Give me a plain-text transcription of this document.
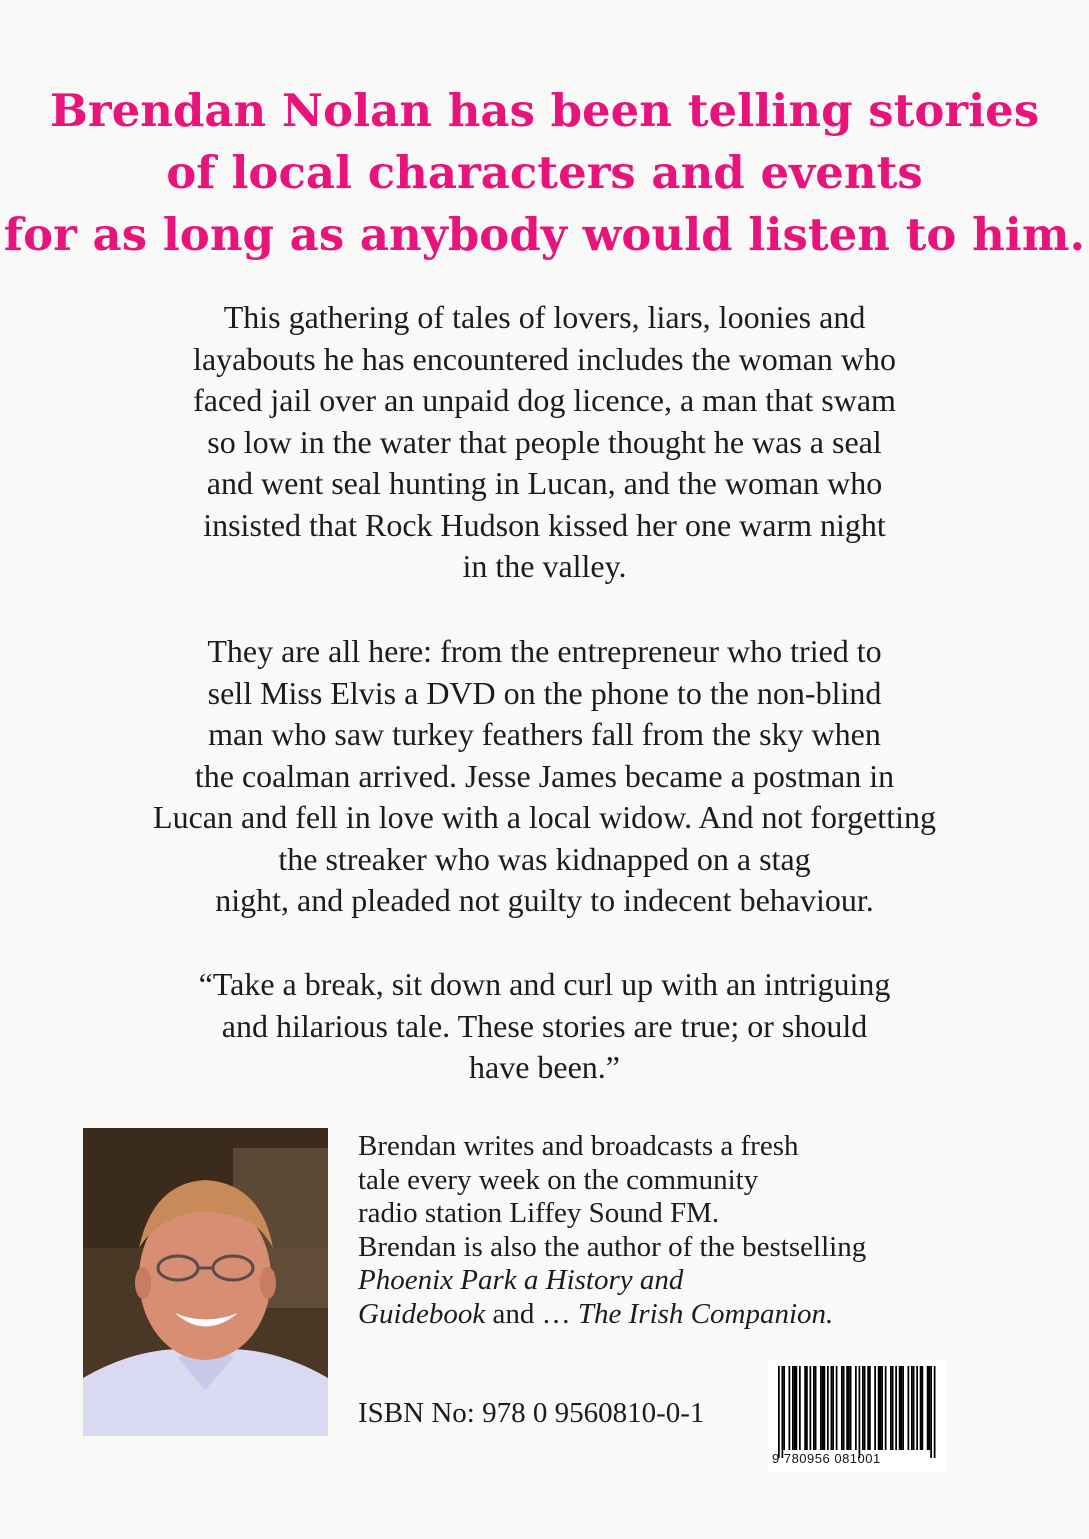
Brendan Nolan has been telling stories
of local characters and events
for as long as anybody would listen to him.
This gathering of tales of lovers, liars, loonies and
layabouts he has encountered includes the woman who
faced jail over an unpaid dog licence, a man that swam
so low in the water that people thought he was a seal
and went seal hunting in Lucan, and the woman who
insisted that Rock Hudson kissed her one warm night
in the valley.
They are all here: from the entrepreneur who tried to
sell Miss Elvis a DVD on the phone to the non-blind
man who saw turkey feathers fall from the sky when
the coalman arrived. Jesse James became a postman in
Lucan and fell in love with a local widow. And not forgetting
the streaker who was kidnapped on a stag
night, and pleaded not guilty to indecent behaviour.
“Take a break, sit down and curl up with an intriguing
and hilarious tale. These stories are true; or should
have been.”
Brendan writes and broadcasts a fresh
tale every week on the community
radio station Liffey Sound FM.
Brendan is also the author of the bestselling
Phoenix Park a History and
Guidebook and … The Irish Companion.
ISBN No: 978 0 9560810-0-1
9 780956 081001
